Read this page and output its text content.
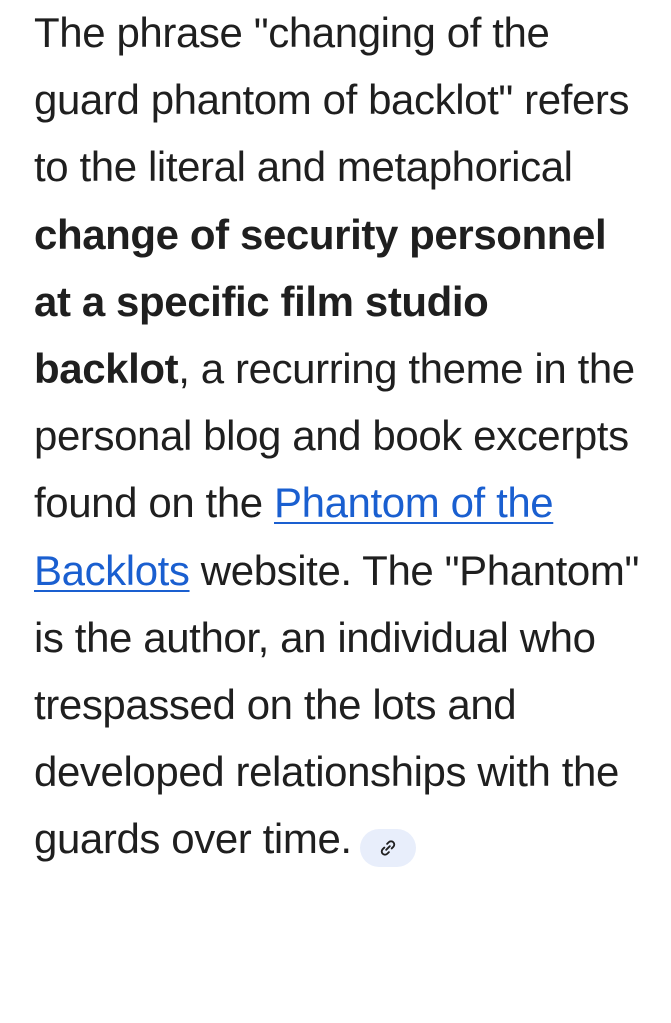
The phrase "changing of the guard phantom of backlot" refers to the literal and metaphorical change of security personnel at a specific film studio backlot, a recurring theme in the personal blog and book excerpts found on the Phantom of the Backlots website. The "Phantom" is the author, an individual who trespassed on the lots and developed relationships with the guards over time.
